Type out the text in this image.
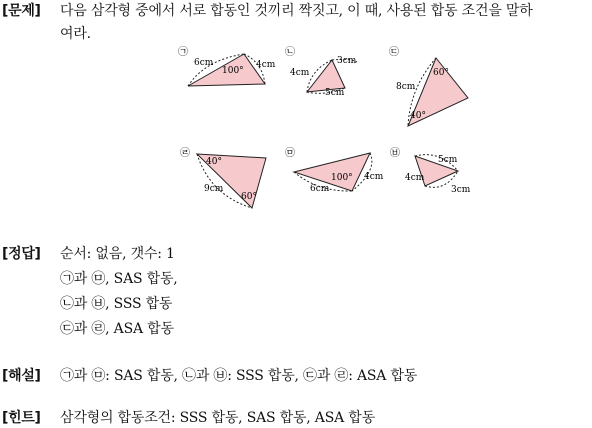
[문제] 다음 삼각형 중에서 서로 합동인 것끼리 짝짓고, 이 때, 사용된 합동 조건을 말하
여라.
㉠
6cm
100°
4cm
㉡
3cm
4cm
5cm
㉢
60°
8cm
40°
㉣
40°
9cm
60°
㉤
100°
6cm
4cm
㉥
5cm
4cm
3cm
[정답] 순서: 없음, 갯수: 1
㉠과 ㉤, SAS 합동,
㉡과 ㉥, SSS 합동
㉢과 ㉣, ASA 합동
[해설] ㉠과 ㉤: SAS 합동, ㉡과 ㉥: SSS 합동, ㉢과 ㉣: ASA 합동
[힌트] 삼각형의 합동조건: SSS 합동, SAS 합동, ASA 합동
